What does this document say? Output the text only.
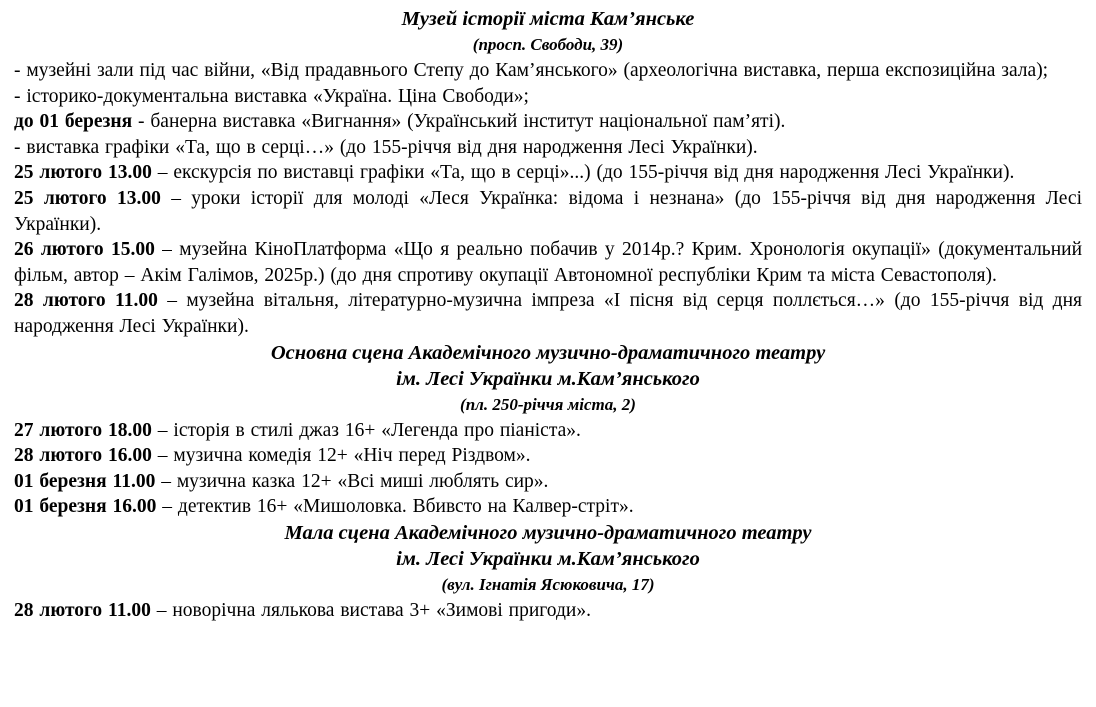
Музей історії міста Кам’янське
(просп. Свободи, 39)

- музейні зали під час війни, «Від прадавнього Степу до Кам’янського» (археологічна виставка, перша експозиційна зала);

- історико-документальна виставка «Україна. Ціна Свободи»;

до 01 березня - банерна виставка «Вигнання» (Український інститут національної пам’яті).

- виставка графіки «Та, що в серці…» (до 155-річчя від дня народження Лесі Українки).

25 лютого 13.00 – екскурсія по виставці графіки «Та, що в серці»...) (до 155-річчя від дня народження Лесі Українки).

25 лютого 13.00 – уроки історії для молоді «Леся Українка: відома і незнана» (до 155-річчя від дня народження Лесі Українки).

26 лютого 15.00 – музейна КіноПлатформа «Що я реально побачив у 2014р.? Крим. Хронологія окупації» (документальний фільм, автор – Акім Галімов, 2025р.) (до дня спротиву окупації Автономної республіки Крим та міста Севастополя).

28 лютого 11.00 – музейна вітальня, літературно-музична імпреза «І пісня від серця поллється…» (до 155-річчя від дня народження Лесі Українки).

Основна сцена Академічного музично-драматичного театру
ім. Лесі Українки м.Кам’янського
(пл. 250-річчя міста, 2)

27 лютого 18.00 – історія в стилі джаз 16+ «Легенда про піаніста».

28 лютого 16.00 – музична комедія 12+ «Ніч перед Різдвом».

01 березня 11.00 – музична казка 12+ «Всі миші люблять сир».

01 березня 16.00 – детектив 16+ «Мишоловка. Вбивсто на Калвер-стріт».

Мала сцена Академічного музично-драматичного театру
ім. Лесі Українки м.Кам’янського
(вул. Ігнатія Ясюковича, 17)

28 лютого 11.00 – новорічна лялькова вистава 3+ «Зимові пригоди».
